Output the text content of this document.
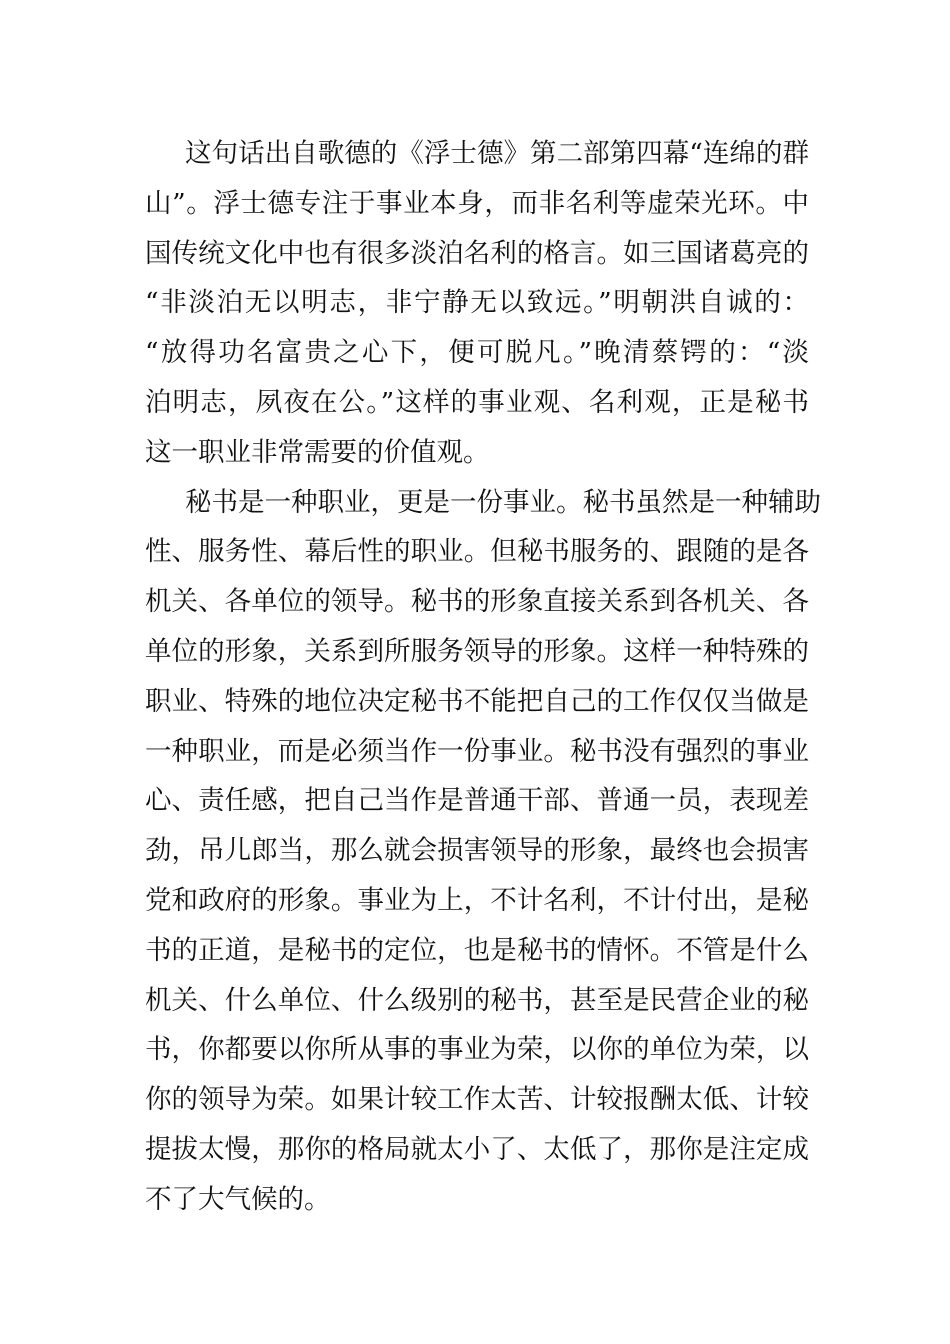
这句话出自歌德的《浮士德》第二部第四幕“连绵的群
山”。浮士德专注于事业本身，而非名利等虚荣光环。中
国传统文化中也有很多淡泊名利的格言。如三国诸葛亮的
“非淡泊无以明志，非宁静无以致远。”明朝洪自诚的：
“放得功名富贵之心下，便可脱凡。”晚清蔡锷的：“淡
泊明志，夙夜在公。”这样的事业观、名利观，正是秘书
这一职业非常需要的价值观。
秘书是一种职业，更是一份事业。秘书虽然是一种辅助
性、服务性、幕后性的职业。但秘书服务的、跟随的是各
机关、各单位的领导。秘书的形象直接关系到各机关、各
单位的形象，关系到所服务领导的形象。这样一种特殊的
职业、特殊的地位决定秘书不能把自己的工作仅仅当做是
一种职业，而是必须当作一份事业。秘书没有强烈的事业
心、责任感，把自己当作是普通干部、普通一员，表现差
劲，吊儿郎当，那么就会损害领导的形象，最终也会损害
党和政府的形象。事业为上，不计名利，不计付出，是秘
书的正道，是秘书的定位，也是秘书的情怀。不管是什么
机关、什么单位、什么级别的秘书，甚至是民营企业的秘
书，你都要以你所从事的事业为荣，以你的单位为荣，以
你的领导为荣。如果计较工作太苦、计较报酬太低、计较
提拔太慢，那你的格局就太小了、太低了，那你是注定成
不了大气候的。
